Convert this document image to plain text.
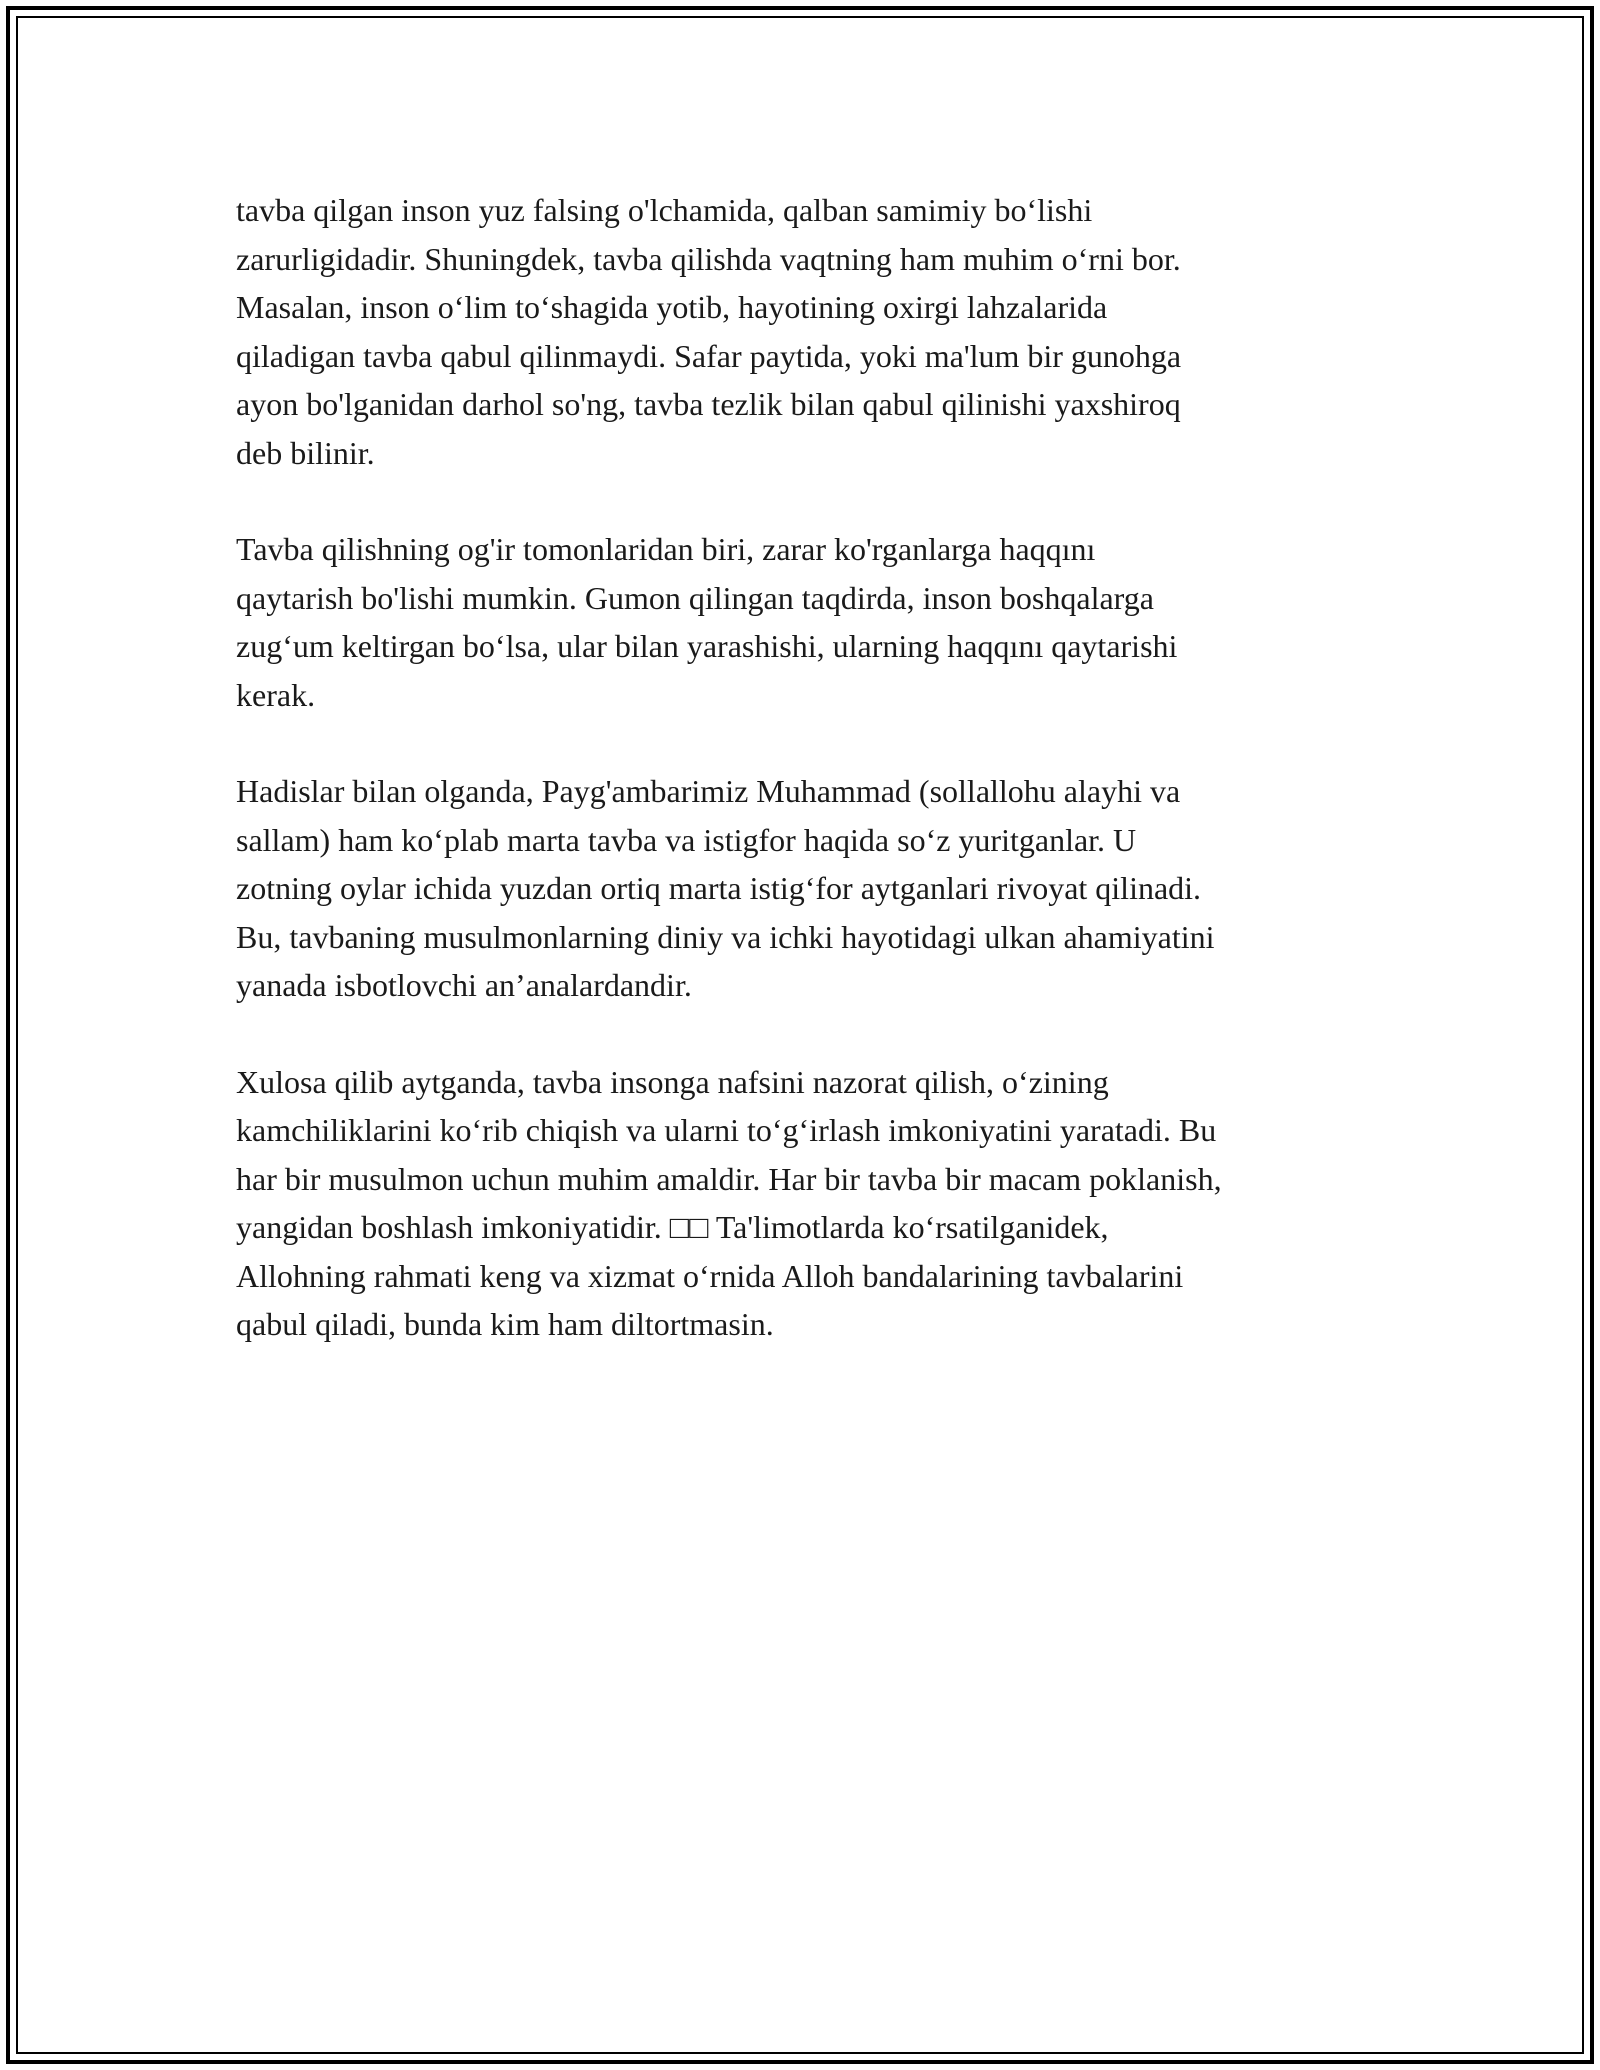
tavba qilgan inson yuz falsing o'lchamida, qalban samimiy bo‘lishi
zarurligidadir. Shuningdek, tavba qilishda vaqtning ham muhim o‘rni bor.
Masalan, inson o‘lim to‘shagida yotib, hayotining oxirgi lahzalarida
qiladigan tavba qabul qilinmaydi. Safar paytida, yoki ma'lum bir gunohga
ayon bo'lganidan darhol so'ng, tavba tezlik bilan qabul qilinishi yaxshiroq
deb bilinir.

Tavba qilishning og'ir tomonlaridan biri, zarar ko'rganlarga haqqını
qaytarish bo'lishi mumkin. Gumon qilingan taqdirda, inson boshqalarga
zug‘um keltirgan bo‘lsa, ular bilan yarashishi, ularning haqqını qaytarishi
kerak.

Hadislar bilan olganda, Payg'ambarimiz Muhammad (sollallohu alayhi va
sallam) ham ko‘plab marta tavba va istigfor haqida so‘z yuritganlar. U
zotning oylar ichida yuzdan ortiq marta istig‘for aytganlari rivoyat qilinadi.
Bu, tavbaning musulmonlarning diniy va ichki hayotidagi ulkan ahamiyatini
yanada isbotlovchi an’analardandir.

Xulosa qilib aytganda, tavba insonga nafsini nazorat qilish, o‘zining
kamchiliklarini ko‘rib chiqish va ularni to‘g‘irlash imkoniyatini yaratadi. Bu
har bir musulmon uchun muhim amaldir. Har bir tavba bir macam poklanish,
yangidan boshlash imkoniyatidir. □□ Ta'limotlarda ko‘rsatilganidek,
Allohning rahmati keng va xizmat o‘rnida Alloh bandalarining tavbalarini
qabul qiladi, bunda kim ham diltortmasin.
